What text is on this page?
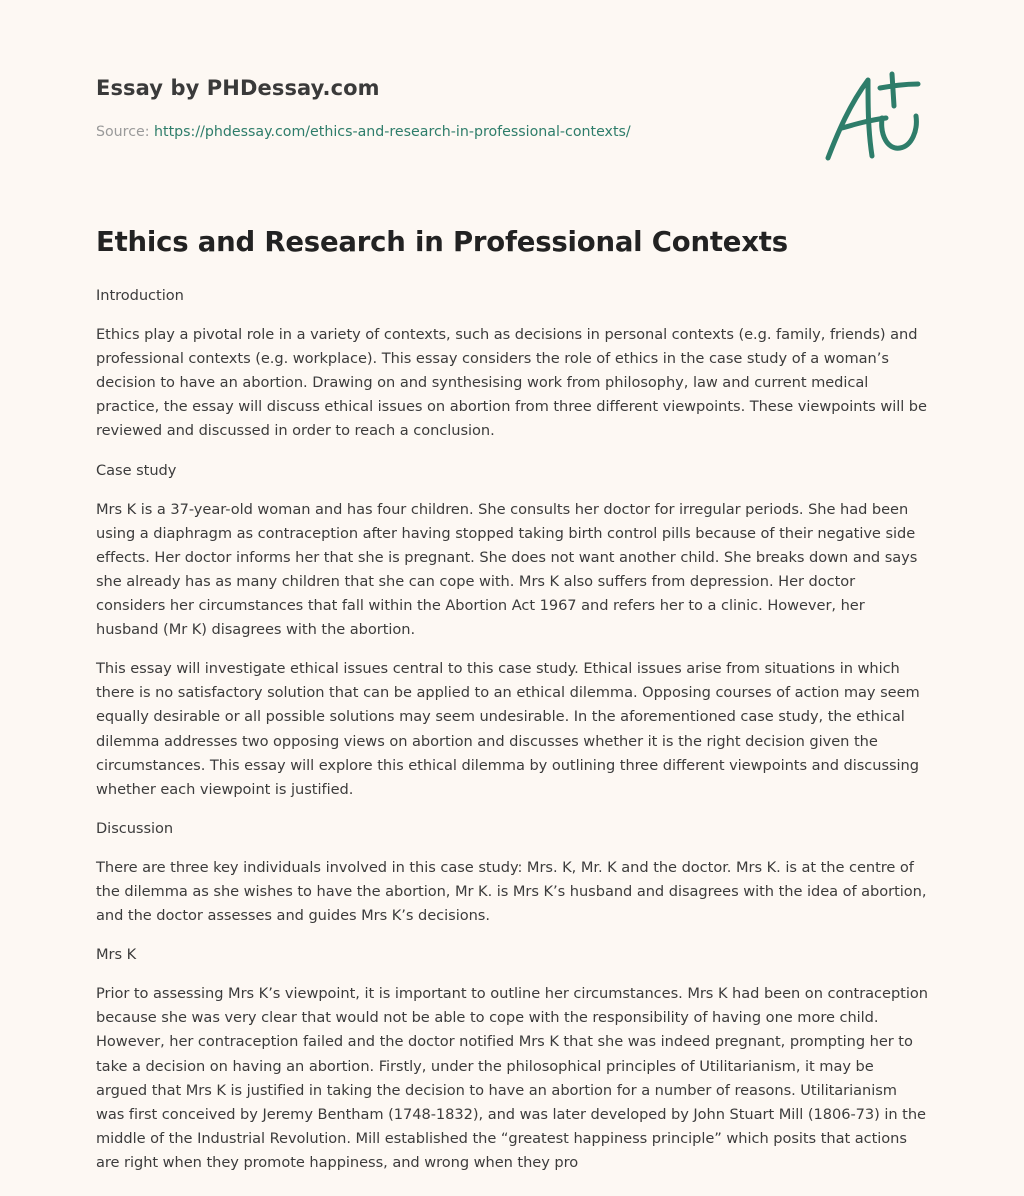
Essay by PHDessay.com
Source: https://phdessay.com/ethics-and-research-in-professional-contexts/
Ethics and Research in Professional Contexts

Introduction

Ethics play a pivotal role in a variety of contexts, such as decisions in personal contexts (e.g. family, friends) and professional contexts (e.g. workplace). This essay considers the role of ethics in the case study of a woman’s decision to have an abortion. Drawing on and synthesising work from philosophy, law and current medical practice, the essay will discuss ethical issues on abortion from three different viewpoints. These viewpoints will be reviewed and discussed in order to reach a conclusion.

Case study

Mrs K is a 37-year-old woman and has four children. She consults her doctor for irregular periods. She had been using a diaphragm as contraception after having stopped taking birth control pills because of their negative side effects. Her doctor informs her that she is pregnant. She does not want another child. She breaks down and says she already has as many children that she can cope with. Mrs K also suffers from depression. Her doctor considers her circumstances that fall within the Abortion Act 1967 and refers her to a clinic. However, her husband (Mr K) disagrees with the abortion.

This essay will investigate ethical issues central to this case study. Ethical issues arise from situations in which there is no satisfactory solution that can be applied to an ethical dilemma. Opposing courses of action may seem equally desirable or all possible solutions may seem undesirable. In the aforementioned case study, the ethical dilemma addresses two opposing views on abortion and discusses whether it is the right decision given the circumstances. This essay will explore this ethical dilemma by outlining three different viewpoints and discussing whether each viewpoint is justified.

Discussion

There are three key individuals involved in this case study: Mrs. K, Mr. K and the doctor. Mrs K. is at the centre of the dilemma as she wishes to have the abortion, Mr K. is Mrs K’s husband and disagrees with the idea of abortion, and the doctor assesses and guides Mrs K’s decisions.

Mrs K

Prior to assessing Mrs K’s viewpoint, it is important to outline her circumstances. Mrs K had been on contraception because she was very clear that would not be able to cope with the responsibility of having one more child. However, her contraception failed and the doctor notified Mrs K that she was indeed pregnant, prompting her to take a decision on having an abortion. Firstly, under the philosophical principles of Utilitarianism, it may be argued that Mrs K is justified in taking the decision to have an abortion for a number of reasons. Utilitarianism was first conceived by Jeremy Bentham (1748-1832), and was later developed by John Stuart Mill (1806-73) in the middle of the Industrial Revolution. Mill established the “greatest happiness principle” which posits that actions are right when they promote happiness, and wrong when they pro
